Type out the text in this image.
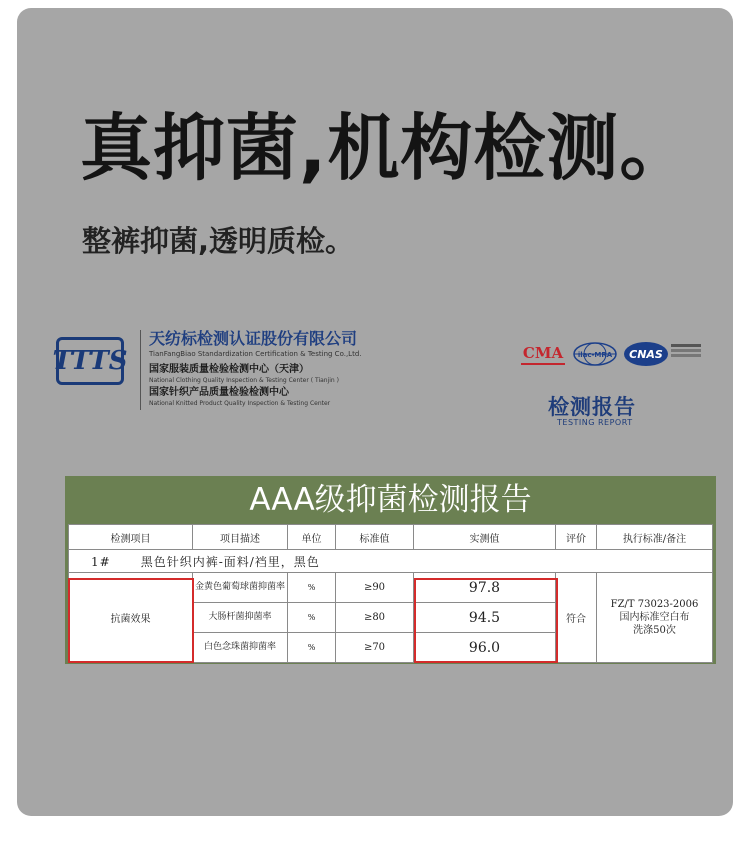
真抑菌,机构检测。
整裤抑菌,透明质检。
TTTS
天纺标检测认证股份有限公司
TianFangBiao Standardization Certification & Testing Co.,Ltd.
国家服装质量检验检测中心（天津）
National Clothing Quality Inspection & Testing Center ( Tianjin )
国家针织产品质量检验检测中心
National Knitted Product Quality Inspection & Testing Center
CMA ilac-MRA	CNAS
检测报告
TESTING REPORT
AAA级抑菌检测报告
检测项目	项目描述	单位	标准值	实测值	评价	执行标准/备注
1# 黑色针织内裤-面料/裆里，黑色						
抗菌效果	金黄色葡萄球菌抑菌率	%	≥90	97.8	符合	FZ/T 73023-2006
国内标准空白布
洗涤50次

	大肠杆菌抑菌率	%	≥80	94.5		
	白色念珠菌抑菌率	%	≥70	96.0		
